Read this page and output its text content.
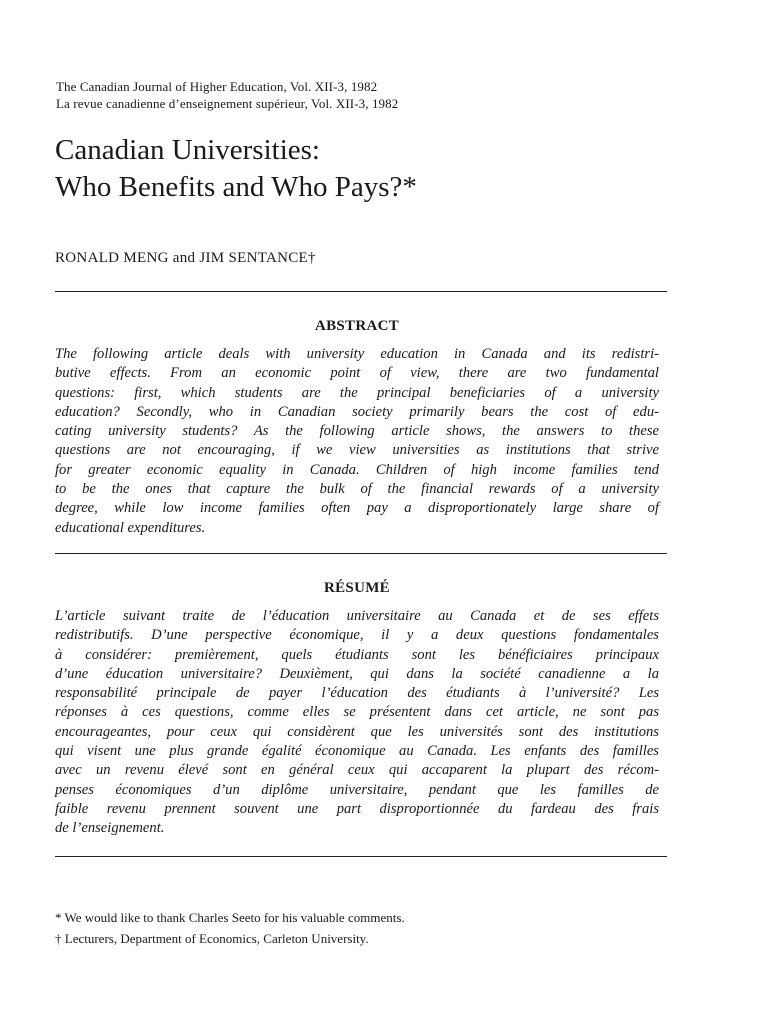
The Canadian Journal of Higher Education, Vol. XII-3, 1982
La revue canadienne d’enseignement supérieur, Vol. XII-3, 1982
Canadian Universities:
Who Benefits and Who Pays?*
RONALD MENG and JIM SENTANCE†
ABSTRACT
The following article deals with university education in Canada and its redistri-
butive effects. From an economic point of view, there are two fundamental
questions: first, which students are the principal beneficiaries of a university
education? Secondly, who in Canadian society primarily bears the cost of edu-
cating university students? As the following article shows, the answers to these
questions are not encouraging, if we view universities as institutions that strive
for greater economic equality in Canada. Children of high income families tend
to be the ones that capture the bulk of the financial rewards of a university
degree, while low income families often pay a disproportionately large share of
educational expenditures.
RÉSUMÉ
L’article suivant traite de l’éducation universitaire au Canada et de ses effets
redistributifs. D’une perspective économique, il y a deux questions fondamentales
à considérer: premièrement, quels étudiants sont les bénéficiaires principaux
d’une éducation universitaire? Deuxièment, qui dans la société canadienne a la
responsabilité principale de payer l’éducation des étudiants à l’université? Les
réponses à ces questions, comme elles se présentent dans cet article, ne sont pas
encourageantes, pour ceux qui considèrent que les universités sont des institutions
qui visent une plus grande égalité économique au Canada. Les enfants des familles
avec un revenu élevé sont en général ceux qui accaparent la plupart des récom-
penses économiques d’un diplôme universitaire, pendant que les familles de
faible revenu prennent souvent une part disproportionnée du fardeau des frais
de l’enseignement.
* We would like to thank Charles Seeto for his valuable comments.
† Lecturers, Department of Economics, Carleton University.
